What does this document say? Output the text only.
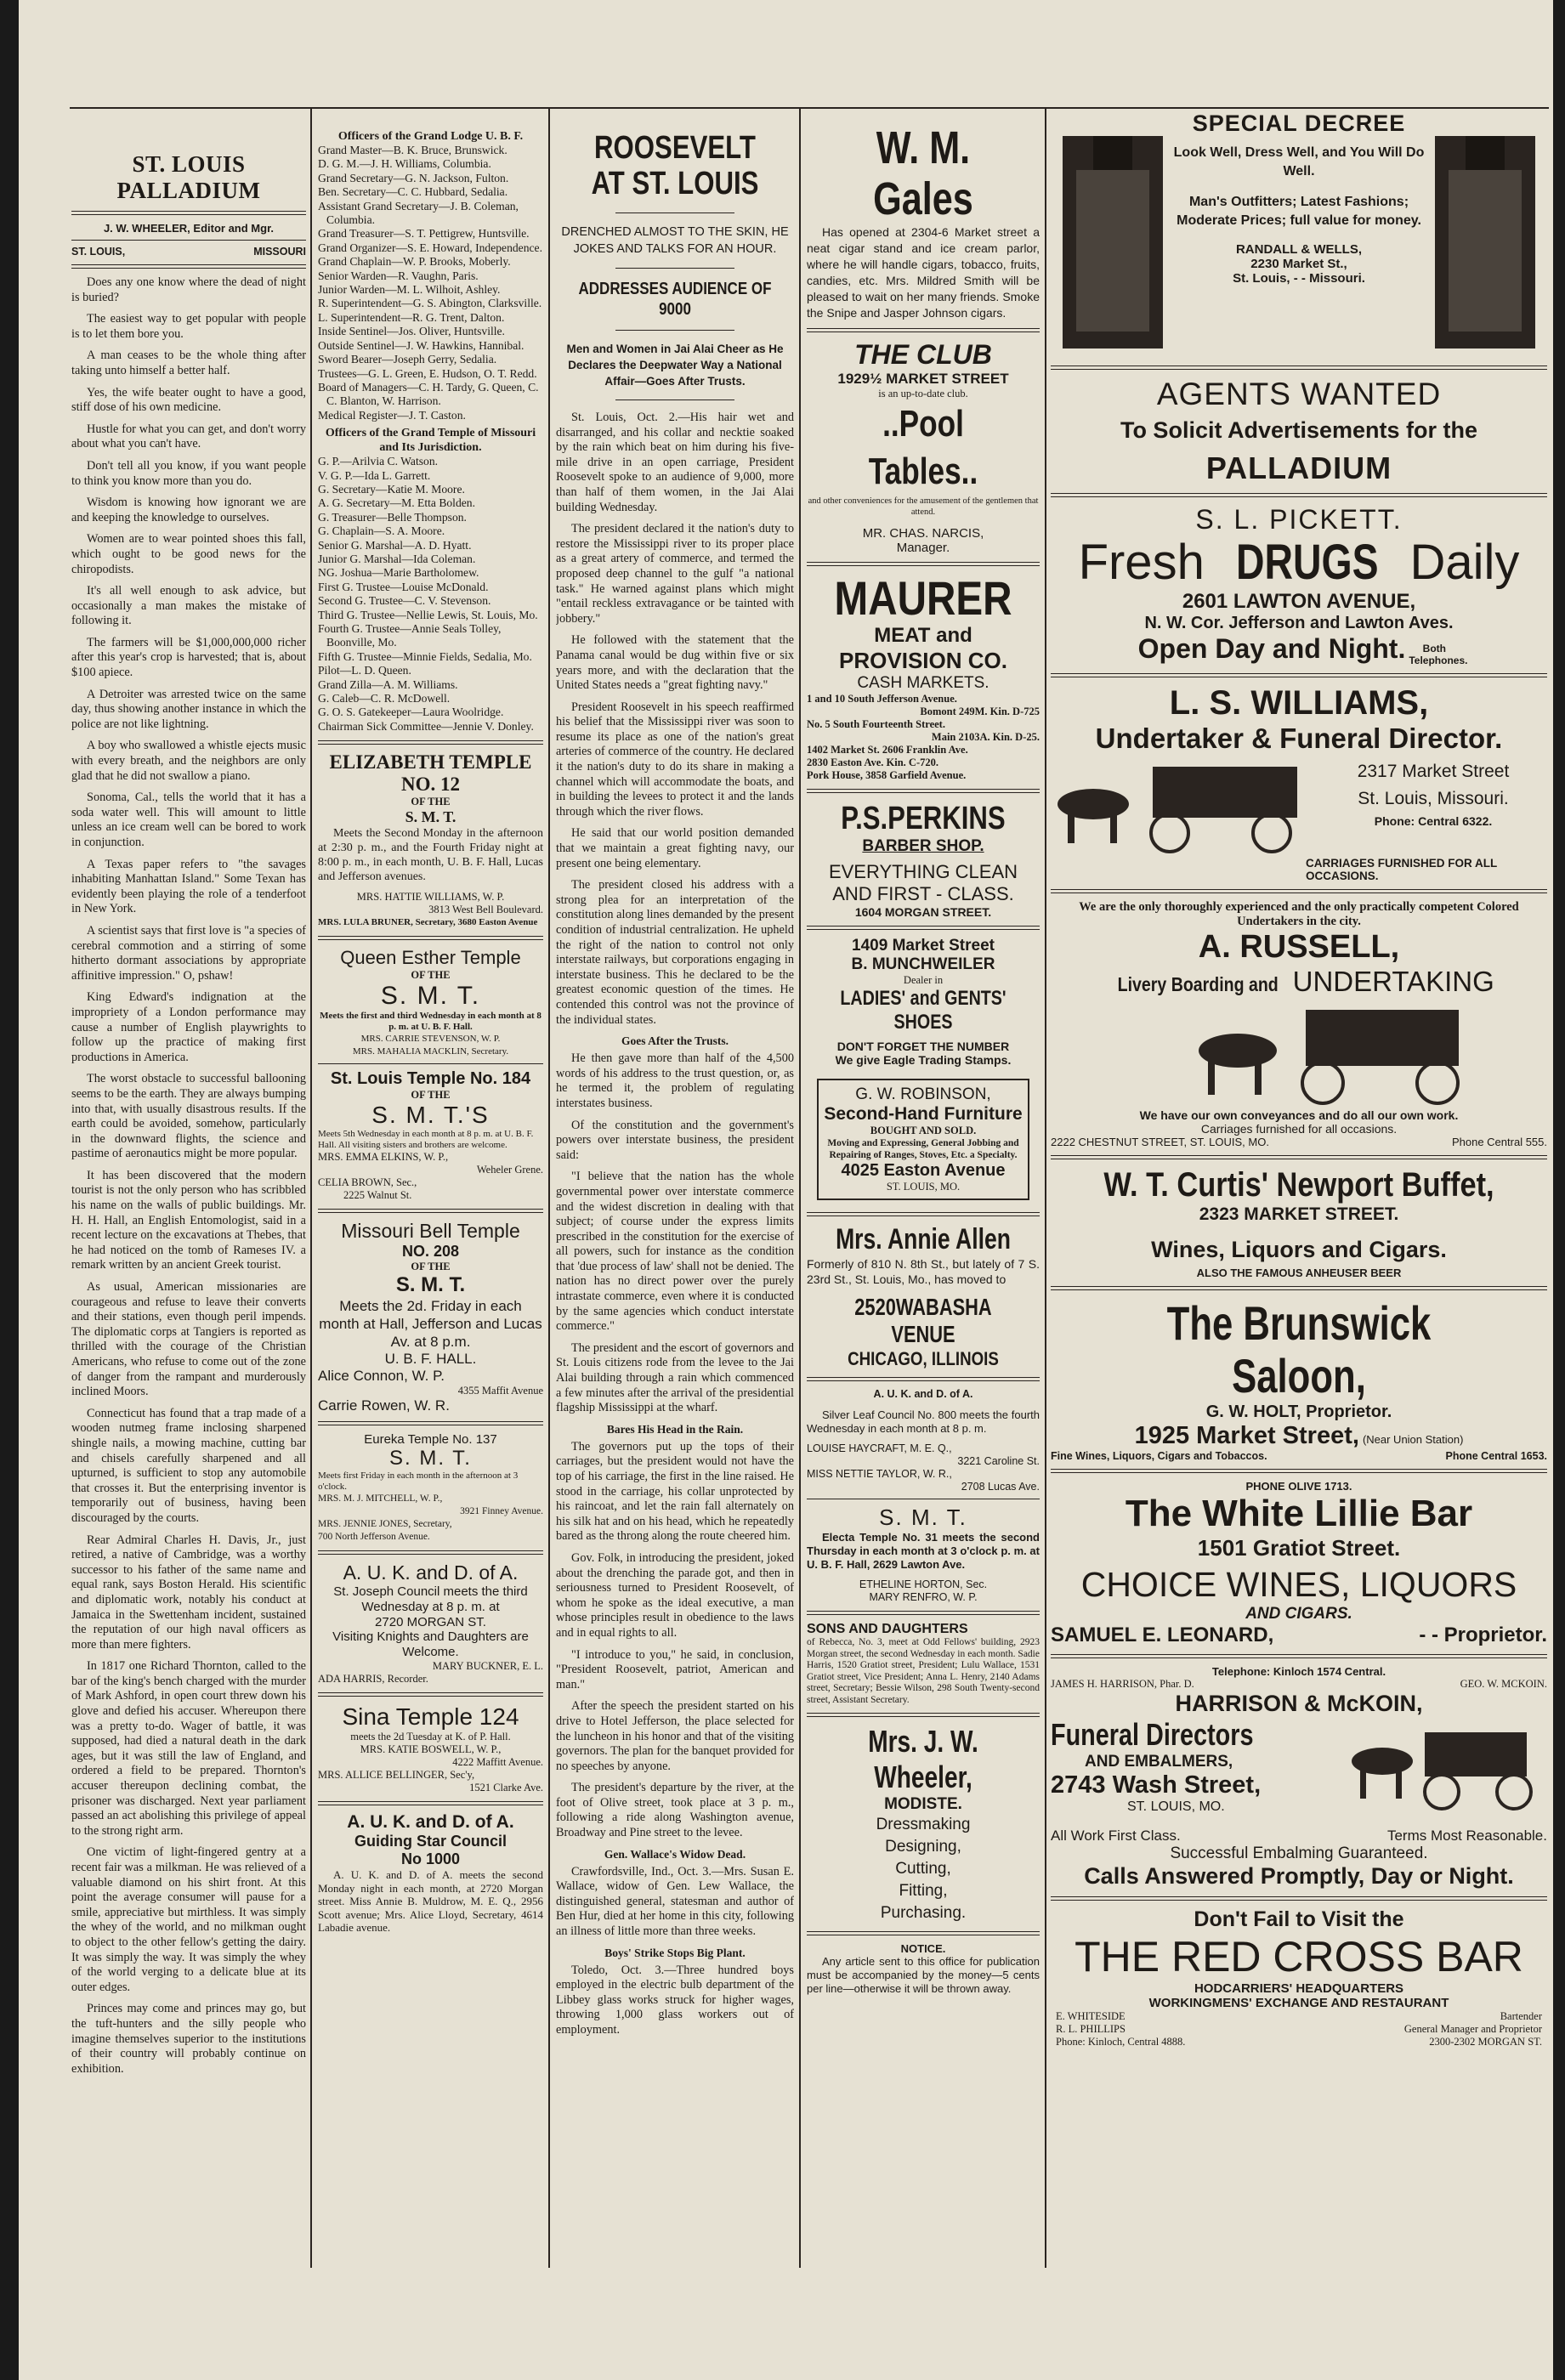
ST. LOUIS PALLADIUM
J. W. WHEELER, Editor and Mgr.
ST. LOUIS,	MISSOURI

Does any one know where the dead of night is buried?

The easiest way to get popular with people is to let them bore you.

A man ceases to be the whole thing after taking unto himself a better half.

Yes, the wife beater ought to have a good, stiff dose of his own medicine.

Hustle for what you can get, and don't worry about what you can't have.

Don't tell all you know, if you want people to think you know more than you do.

Wisdom is knowing how ignorant we are and keeping the knowledge to ourselves.

Women are to wear pointed shoes this fall, which ought to be good news for the chiropodists.

It's all well enough to ask advice, but occasionally a man makes the mistake of following it.

The farmers will be $1,000,000,000 richer after this year's crop is harvested; that is, about $100 apiece.

A Detroiter was arrested twice on the same day, thus showing another instance in which the police are not like lightning.

A boy who swallowed a whistle ejects music with every breath, and the neighbors are only glad that he did not swallow a piano.

Sonoma, Cal., tells the world that it has a soda water well. This will amount to little unless an ice cream well can be bored to work in conjunction.

A Texas paper refers to "the savages inhabiting Manhattan Island." Some Texan has evidently been playing the role of a tenderfoot in New York.

A scientist says that first love is "a species of cerebral commotion and a stirring of some hitherto dormant associations by appropriate affinitive impression." O, pshaw!

King Edward's indignation at the impropriety of a London performance may cause a number of English playwrights to follow up the practice of making first productions in America.

The worst obstacle to successful ballooning seems to be the earth. They are always bumping into that, with usually disastrous results. If the earth could be avoided, somehow, particularly in the downward flights, the science and pastime of aeronautics might be more popular.

It has been discovered that the modern tourist is not the only person who has scribbled his name on the walls of public buildings. Mr. H. H. Hall, an English Entomologist, said in a recent lecture on the excavations at Thebes, that he had noticed on the tomb of Rameses IV. a remark written by an ancient Greek tourist.

As usual, American missionaries are courageous and refuse to leave their converts and their stations, even though peril impends. The diplomatic corps at Tangiers is reported as thrilled with the courage of the Christian Americans, who refuse to come out of the zone of danger from the rampant and murderously inclined Moors.

Connecticut has found that a trap made of a wooden nutmeg frame inclosing sharpened shingle nails, a mowing machine, cutting bar and chisels carefully sharpened and all upturned, is sufficient to stop any automobile that crosses it. But the enterprising inventor is temporarily out of business, having been discouraged by the courts.

Rear Admiral Charles H. Davis, Jr., just retired, a native of Cambridge, was a worthy successor to his father of the same name and equal rank, says Boston Herald. His scientific and diplomatic work, notably his conduct at Jamaica in the Swettenham incident, sustained the reputation of our high naval officers as more than mere fighters.

In 1817 one Richard Thornton, called to the bar of the king's bench charged with the murder of Mark Ashford, in open court threw down his glove and defied his accuser. Whereupon there was a pretty to-do. Wager of battle, it was supposed, had died a natural death in the dark ages, but it was still the law of England, and ordered a field to be prepared. Thornton's accuser thereupon declining combat, the prisoner was discharged. Next year parliament passed an act abolishing this privilege of appeal to the strong right arm.

One victim of light-fingered gentry at a recent fair was a milkman. He was relieved of a valuable diamond on his shirt front. At this point the average consumer will pause for a smile, appreciative but mirthless. It was simply the whey of the world, and no milkman ought to object to the other fellow's getting the dairy. It was simply the way. It was simply the whey of the world verging to a delicate blue at its outer edges.

Princes may come and princes may go, but the tuft-hunters and the silly people who imagine themselves superior to the institutions of their country will probably continue on exhibition.

Officers of the Grand Lodge U. B. F.
Grand Master—B. K. Bruce, Brunswick.
D. G. M.—J. H. Williams, Columbia.
Grand Secretary—G. N. Jackson, Fulton.
Ben. Secretary—C. C. Hubbard, Sedalia.
Assistant Grand Secretary—J. B. Coleman, Columbia.
Grand Treasurer—S. T. Pettigrew, Huntsville.
Grand Organizer—S. E. Howard, Independence.
Grand Chaplain—W. P. Brooks, Moberly.
Senior Warden—R. Vaughn, Paris.
Junior Warden—M. L. Wilhoit, Ashley.
R. Superintendent—G. S. Abington, Clarksville.
L. Superintendent—R. G. Trent, Dalton.
Inside Sentinel—Jos. Oliver, Huntsville.
Outside Sentinel—J. W. Hawkins, Hannibal.
Sword Bearer—Joseph Gerry, Sedalia.
Trustees—G. L. Green, E. Hudson, O. T. Redd.
Board of Managers—C. H. Tardy, G. Queen, C. C. Blanton, W. Harrison.
Medical Register—J. T. Caston.
Officers of the Grand Temple of Missouri and Its Jurisdiction.
G. P.—Arilvia C. Watson.
V. G. P.—Ida L. Garrett.
G. Secretary—Katie M. Moore.
A. G. Secretary—M. Etta Bolden.
G. Treasurer—Belle Thompson.
G. Chaplain—S. A. Moore.
Senior G. Marshal—A. D. Hyatt.
Junior G. Marshal—Ida Coleman.
NG. Joshua—Marie Bartholomew.
First G. Trustee—Louise McDonald.
Second G. Trustee—C. V. Stevenson.
Third G. Trustee—Nellie Lewis, St. Louis, Mo.
Fourth G. Trustee—Annie Seals Tolley, Boonville, Mo.
Fifth G. Trustee—Minnie Fields, Sedalia, Mo.
Pilot—L. D. Queen.
Grand Zilla—A. M. Williams.
G. Caleb—C. R. McDowell.
G. O. S. Gatekeeper—Laura Woolridge.
Chairman Sick Committee—Jennie V. Donley.
ELIZABETH TEMPLE NO. 12
OF THE
S. M. T.

Meets the Second Monday in the afternoon at 2:30 p. m., and the Fourth Friday night at 8:00 p. m., in each month, U. B. F. Hall, Lucas and Jefferson avenues.

MRS. HATTIE WILLIAMS, W. P.
3813 West Bell Boulevard.
MRS. LULA BRUNER, Secretary, 3680 Easton Avenue
Queen Esther Temple
OF THE
S. M. T.
Meets the first and third Wednesday in each month at 8 p. m. at U. B. F. Hall.
MRS. CARRIE STEVENSON, W. P.
MRS. MAHALIA MACKLIN, Secretary.
St. Louis Temple No. 184
OF THE
S. M. T.'S
Meets 5th Wednesday in each month at 8 p. m. at U. B. F. Hall. All visiting sisters and brothers are welcome.
MRS. EMMA ELKINS, W. P.,
Weheler Grene.
CELIA BROWN, Sec.,
2225 Walnut St.
Missouri Bell Temple
NO. 208
OF THE
S. M. T.
Meets the 2d. Friday in each month at Hall, Jefferson and Lucas Av. at 8 p.m.
U. B. F. HALL.
Alice Connon, W. P.
4355 Maffit Avenue
Carrie Rowen, W. R.
Eureka Temple No. 137
S. M. T.
Meets first Friday in each month in the afternoon at 3 o'clock.
MRS. M. J. MITCHELL, W. P.,
3921 Finney Avenue.
MRS. JENNIE JONES, Secretary,
700 North Jefferson Avenue.
A. U. K. and D. of A.
St. Joseph Council meets the third Wednesday at 8 p. m. at
2720 MORGAN ST.
Visiting Knights and Daughters are Welcome.
MARY BUCKNER, E. L.
ADA HARRIS, Recorder.
Sina Temple 124
meets the 2d Tuesday at K. of P. Hall.
MRS. KATIE BOSWELL, W. P.,
4222 Maffitt Avenue.
MRS. ALLICE BELLINGER, Sec'y,
1521 Clarke Ave.
A. U. K. and D. of A.
Guiding Star Council
No 1000

A. U. K. and D. of A. meets the second Monday night in each month, at 2720 Morgan street. Miss Annie B. Muldrow, M. E. Q., 2956 Scott avenue; Mrs. Alice Lloyd, Secretary, 4614 Labadie avenue.

ROOSEVELT
AT ST. LOUIS
DRENCHED ALMOST TO THE SKIN, HE JOKES AND TALKS FOR AN HOUR.
ADDRESSES AUDIENCE OF 9000
Men and Women in Jai Alai Cheer as He Declares the Deepwater Way a National Affair—Goes After Trusts.

St. Louis, Oct. 2.—His hair wet and disarranged, and his collar and necktie soaked by the rain which beat on him during his five-mile drive in an open carriage, President Roosevelt spoke to an audience of 9,000, more than half of them women, in the Jai Alai building Wednesday.

The president declared it the nation's duty to restore the Mississippi river to its proper place as a great artery of commerce, and termed the proposed deep channel to the gulf "a national task." He warned against plans which might "entail reckless extravagance or be tainted with jobbery."

He followed with the statement that the Panama canal would be dug within five or six years more, and with the declaration that the United States needs a "great fighting navy."

President Roosevelt in his speech reaffirmed his belief that the Mississippi river was soon to resume its place as one of the nation's great arteries of commerce of the country. He declared it the nation's duty to do its share in making a channel which will accommodate the boats, and in building the levees to protect it and the lands through which the river flows.

He said that our world position demanded that we maintain a great fighting navy, our present one being elementary.

The president closed his address with a strong plea for an interpretation of the constitution along lines demanded by the present condition of industrial centralization. He upheld the right of the nation to control not only interstate railways, but corporations engaging in interstate business. This he declared to be the greatest economic question of the times. He contended this control was not the province of the individual states.

Goes After the Trusts.

He then gave more than half of the 4,500 words of his address to the trust question, or, as he termed it, the problem of regulating interstates business.

Of the constitution and the government's powers over interstate business, the president said:

"I believe that the nation has the whole governmental power over interstate commerce and the widest discretion in dealing with that subject; of course under the express limits prescribed in the constitution for the exercise of all powers, such for instance as the condition that 'due process of law' shall not be denied. The nation has no direct power over the purely intrastate commerce, even where it is conducted by the same agencies which conduct interstate commerce."

The president and the escort of governors and St. Louis citizens rode from the levee to the Jai Alai building through a rain which commenced a few minutes after the arrival of the presidential flagship Mississippi at the wharf.

Bares His Head in the Rain.

The governors put up the tops of their carriages, but the president would not have the top of his carriage, the first in the line raised. He stood in the carriage, his collar unprotected by his raincoat, and let the rain fall alternately on his silk hat and on his head, which he repeatedly bared as the throng along the route cheered him.

Gov. Folk, in introducing the president, joked about the drenching the parade got, and then in seriousness turned to President Roosevelt, of whom he spoke as the ideal executive, a man whose principles result in obedience to the laws and in equal rights to all.

"I introduce to you," he said, in conclusion, "President Roosevelt, patriot, American and man."

After the speech the president started on his drive to Hotel Jefferson, the place selected for the luncheon in his honor and that of the visiting governors. The plan for the banquet provided for no speeches by anyone.

The president's departure by the river, at the foot of Olive street, took place at 3 p. m., following a ride along Washington avenue, Broadway and Pine street to the levee.

Gen. Wallace's Widow Dead.

Crawfordsville, Ind., Oct. 3.—Mrs. Susan E. Wallace, widow of Gen. Lew Wallace, the distinguished general, statesman and author of Ben Hur, died at her home in this city, following an illness of little more than three weeks.

Boys' Strike Stops Big Plant.

Toledo, Oct. 3.—Three hundred boys employed in the electric bulb department of the Libbey glass works struck for higher wages, throwing 1,000 glass workers out of employment.

W. M. Gales

Has opened at 2304-6 Market street a neat cigar stand and ice cream parlor, where he will handle cigars, tobacco, fruits, candies, etc. Mrs. Mildred Smith will be pleased to wait on her many friends. Smoke the Snipe and Jasper Johnson cigars.

THE CLUB
1929½ MARKET STREET
is an up-to-date club.
..Pool Tables..
and other conveniences for the amusement of the gentlemen that attend.
MR. CHAS. NARCIS,
Manager.
MAURER
MEAT and
PROVISION CO.
CASH MARKETS.
1 and 10 South Jefferson Avenue.
Bomont 249M. Kin. D-725
No. 5 South Fourteenth Street.
Main 2103A. Kin. D-25.
1402 Market St. 2606 Franklin Ave.
2830 Easton Ave. Kin. C-720.
Pork House, 3858 Garfield Avenue.
P.S.PERKINS
BARBER SHOP.
EVERYTHING CLEAN
AND FIRST - CLASS.
1604 MORGAN STREET.
1409 Market Street
B. MUNCHWEILER
Dealer in
LADIES' and GENTS' SHOES
DON'T FORGET THE NUMBER
We give Eagle Trading Stamps.
G. W. ROBINSON,
Second-Hand Furniture
BOUGHT AND SOLD.
Moving and Expressing, General Jobbing and Repairing of Ranges, Stoves, Etc. a Specialty.
4025 Easton Avenue
ST. LOUIS, MO.
Mrs. Annie Allen

Formerly of 810 N. 8th St., but lately of 7 S. 23rd St., St. Louis, Mo., has moved to

2520WABASHA VENUE
CHICAGO, ILLINOIS
A. U. K. and D. of A.

Silver Leaf Council No. 800 meets the fourth Wednesday in each month at 8 p. m.

LOUISE HAYCRAFT, M. E. Q.,
3221 Caroline St.
MISS NETTIE TAYLOR, W. R.,
2708 Lucas Ave.
S. M. T.

Electa Temple No. 31 meets the second Thursday in each month at 3 o'clock p. m. at U. B. F. Hall, 2629 Lawton Ave.

ETHELINE HORTON, Sec.
MARY RENFRO, W. P.
SONS AND DAUGHTERS

of Rebecca, No. 3, meet at Odd Fellows' building, 2923 Morgan street, the second Wednesday in each month. Sadie Harris, 1520 Gratiot street, President; Lulu Wallace, 1531 Gratiot street, Vice President; Anna L. Henry, 2140 Adams street, Secretary; Bessie Wilson, 298 South Twenty-second street, Assistant Secretary.

Mrs. J. W. Wheeler,
MODISTE.
Dressmaking
Designing,
Cutting,
Fitting,
Purchasing.
NOTICE.

Any article sent to this office for publication must be accompanied by the money—5 cents per line—otherwise it will be thrown away.

SPECIAL DECREE
Look Well, Dress Well, and You Will Do Well.
Man's Outfitters; Latest Fashions; Moderate Prices; full value for money.
RANDALL & WELLS,
2230 Market St.,
St. Louis, - - Missouri.
AGENTS WANTED
To Solicit Advertisements for the
PALLADIUM
S. L. PICKETT.
Fresh DRUGS Daily
2601 LAWTON AVENUE,
N. W. Cor. Jefferson and Lawton Aves.
Open Day and Night. Both Telephones.
L. S. WILLIAMS,
Undertaker & Funeral Director.
2317 Market Street
St. Louis, Missouri.
Phone: Central 6322.
CARRIAGES FURNISHED FOR ALL OCCASIONS.
We are the only thoroughly experienced and the only practically competent Colored Undertakers in the city.
A. RUSSELL,
Livery Boarding andUNDERTAKING
We have our own conveyances and do all our own work.
Carriages furnished for all occasions.
2222 CHESTNUT STREET, ST. LOUIS, MO.	Phone Central 555.
W. T. Curtis' Newport Buffet,
2323 MARKET STREET.
Wines, Liquors and Cigars.
ALSO THE FAMOUS ANHEUSER BEER
The Brunswick Saloon,
G. W. HOLT, Proprietor.
1925 Market Street, (Near Union Station)
Fine Wines, Liquors, Cigars and Tobaccos.	Phone Central 1653.
PHONE OLIVE 1713.
The White Lillie Bar
1501 Gratiot Street.
CHOICE WINES, LIQUORS
AND CIGARS.
SAMUEL E. LEONARD,	- - Proprietor.
Telephone: Kinloch 1574 Central.
JAMES H. HARRISON, Phar. D.	GEO. W. MCKOIN.
HARRISON & McKOIN,
Funeral Directors
AND EMBALMERS,
2743 Wash Street,
ST. LOUIS, MO.
All Work First Class.	Terms Most Reasonable.
Successful Embalming Guaranteed.
Calls Answered Promptly, Day or Night.
Don't Fail to Visit the
THE RED CROSS BAR
HODCARRIERS' HEADQUARTERS
WORKINGMENS' EXCHANGE AND RESTAURANT
E. WHITESIDE	Bartender
R. L. PHILLIPS	General Manager and Proprietor
Phone: Kinloch, Central 4888.	2300-2302 MORGAN ST.
